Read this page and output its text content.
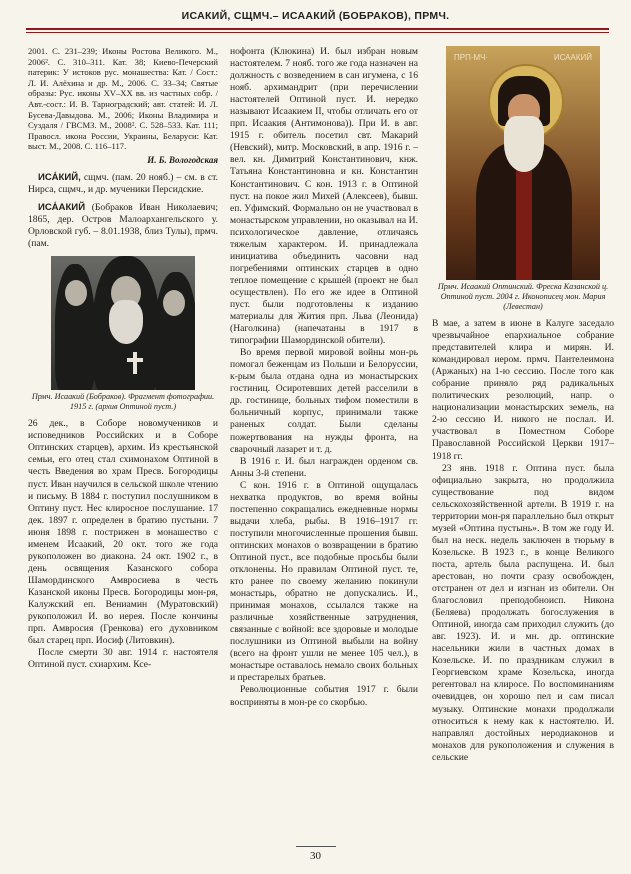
ИСАКИЙ, СЩМЧ.– ИСААКИЙ (БОБРАКОВ), ПРМЧ.

2001. С. 231–239; Иконы Ростова Великого. М., 2006². С. 310–311. Кат. 38; Киево-Печерский патерик: У истоков рус. монашества: Кат. / Сост.: Л. И. Алёхина и др. М., 2006. С. 33–34; Святые образы: Рус. иконы XV–XX вв. из частных собр. / Авт.-сост.: И. В. Тарноградский; авт. статей: И. Л. Бусева-Давыдова. М., 2006; Иконы Владимира и Суздаля / ГВСМЗ. М., 2008². С. 528–533. Кат. 111; Правосл. икона России, Украины, Беларуси: Кат. выст. М., 2008. С. 116–117.

И. Б. Вологодская

ИСА́КИЙ, сщмч. (пам. 20 нояб.) – см. в ст. Нирса, сщмч., и др. мученики Персидские.

ИСА́АКИЙ (Бобраков Иван Николаевич; 1865, дер. Остров Малоархангельского у. Орловской губ. – 8.01.1938, близ Тулы), прмч. (пам.

Прмч. Исаакий (Бобраков). Фрагмент фотографии. 1915 г. (архив Оптиной пуст.)

26 дек., в Соборе новомучеников и исповедников Российских и в Соборе Оптинских старцев), архим. Из крестьянской семьи, его отец стал схимонахом Оптиной в честь Введения во храм Пресв. Богородицы пуст. Иван научился в сельской школе чтению и письму. В 1884 г. поступил послушником в Оптину пуст. Нес клиросное послушание. 17 дек. 1897 г. определен в братию пустыни. 7 июня 1898 г. пострижен в монашество с именем Исаакий, 20 окт. того же года рукоположен во диакона. 24 окт. 1902 г., в день освящения Казанского собора Шамординского Амвросиева в честь Казанской иконы Пресв. Богородицы мон-ря, Калужский еп. Вениамин (Муратовский) рукоположил И. во иерея. После кончины прп. Амвросия (Гренкова) его духовником был старец прп. Иосиф (Литовкин).

После смерти 30 авг. 1914 г. настоятеля Оптиной пуст. схиархим. Ксе-

нофонта (Клюкина) И. был избран новым настоятелем. 7 нояб. того же года назначен на должность с возведением в сан игумена, с 16 нояб. архимандрит (при перечислении настоятелей Оптиной пуст. И. нередко называют Исаакием II, чтобы отличать его от прп. Исаакия (Антимонова)). При И. в авг. 1915 г. обитель посетил свт. Макарий (Невский), митр. Московский, в апр. 1916 г. – вел. кн. Димитрий Константинович, кнж. Татьяна Константиновна и кн. Константин Константинович. С кон. 1913 г. в Оптиной пуст. на покое жил Михей (Алексеев), бывш. еп. Уфимский. Формально он не участвовал в монастырском управлении, но оказывал на И. психологическое давление, отличаясь тяжелым характером. И. принадлежала инициатива объединить часовни над погребениями оптинских старцев в одно теплое помещение с крыше́й (проект не был осуществлен). По его же идее в Оптиной пуст. были подготовлены к изданию материалы для Жития прп. Льва (Леонида) (Наголкина) (напечатаны в 1917 в типографии Шамординской обители).

Во время первой мировой войны мон-рь помогал беженцам из Польши и Белоруссии, к-рым была отдана одна из монастырских гостиниц. Осиротевших детей расселили в др. гостинице, больных тифом поместили в больничный корпус, принимали также раненых солдат. Были сделаны пожертвования на нужды фронта, на сварочный лазарет и т. д.

В 1916 г. И. был награжден орденом св. Анны 3-й степени.

С кон. 1916 г. в Оптиной ощущалась нехватка продуктов, во время войны постепенно сокращались ежедневные нормы выдачи хлеба, рыбы. В 1916–1917 гг. поступили многочисленные прошения бывш. оптинских монахов о возвращении в братию Оптиной пуст., все подобные просьбы были отклонены. Но правилам Оптиной пуст. те, кто ранее по своему желанию покинули монастырь, обратно не допускались. И., принимая монахов, ссылался также на различные хозяйственные затруднения, связанные с войной: все здоровые и молодые послушники из Оптиной выбыли на войну (всего на фронт ушли не менее 105 чел.), в монастыре оставалось немало своих больных и престарелых братьев.

Революционные события 1917 г. были восприняты в мон-ре со скорбью.

ПРП·МЧ·	ИСААКИЙ
Прмч. Исаакий Оптинский. Фреска Казанской ц. Оптиной пуст. 2004 г. Иконописец мон. Мария (Левестан)

В мае, а затем в июне в Калуге заседало чрезвычайное епархиальное собрание представителей клира и мирян. И. командировал иером. прмч. Пантелеимона (Аржаных) на 1-ю сессию. После того как собрание приняло ряд радикальных политических резолюций, напр. о национализации монастырских земель, на 2-ю сессию И. никого не послал. И. участвовал в Поместном Соборе Православной Российской Церкви 1917–1918 гг.

23 янв. 1918 г. Оптина пуст. была официально закрыта, но продолжила существование под видом сельскохозяйственной артели. В 1919 г. на территории мон-ря параллельно был открыт музей «Оптина пустынь». В том же году И. был на неск. недель заключен в тюрьму в Козельске. В 1923 г., в конце Великого поста, артель была распущена. И. был арестован, но почти сразу освобожден, отстранен от дел и изгнан из обители. Он благословил преподобноисп. Никона (Беляева) продолжать богослужения в Оптиной, иногда сам приходил служить (до авг. 1923). И. и мн. др. оптинские насельники жили в частных домах в Козельске. И. по праздникам служил в Георгиевском храме Козельска, иногда регентовал на клиросе. По воспоминаниям очевидцев, он хорошо пел и сам писал музыку. Оптинские монахи продолжали относиться к нему как к настоятелю. И. направлял достойных иеродиаконов и монахов для рукоположения и служения в сельские

30
